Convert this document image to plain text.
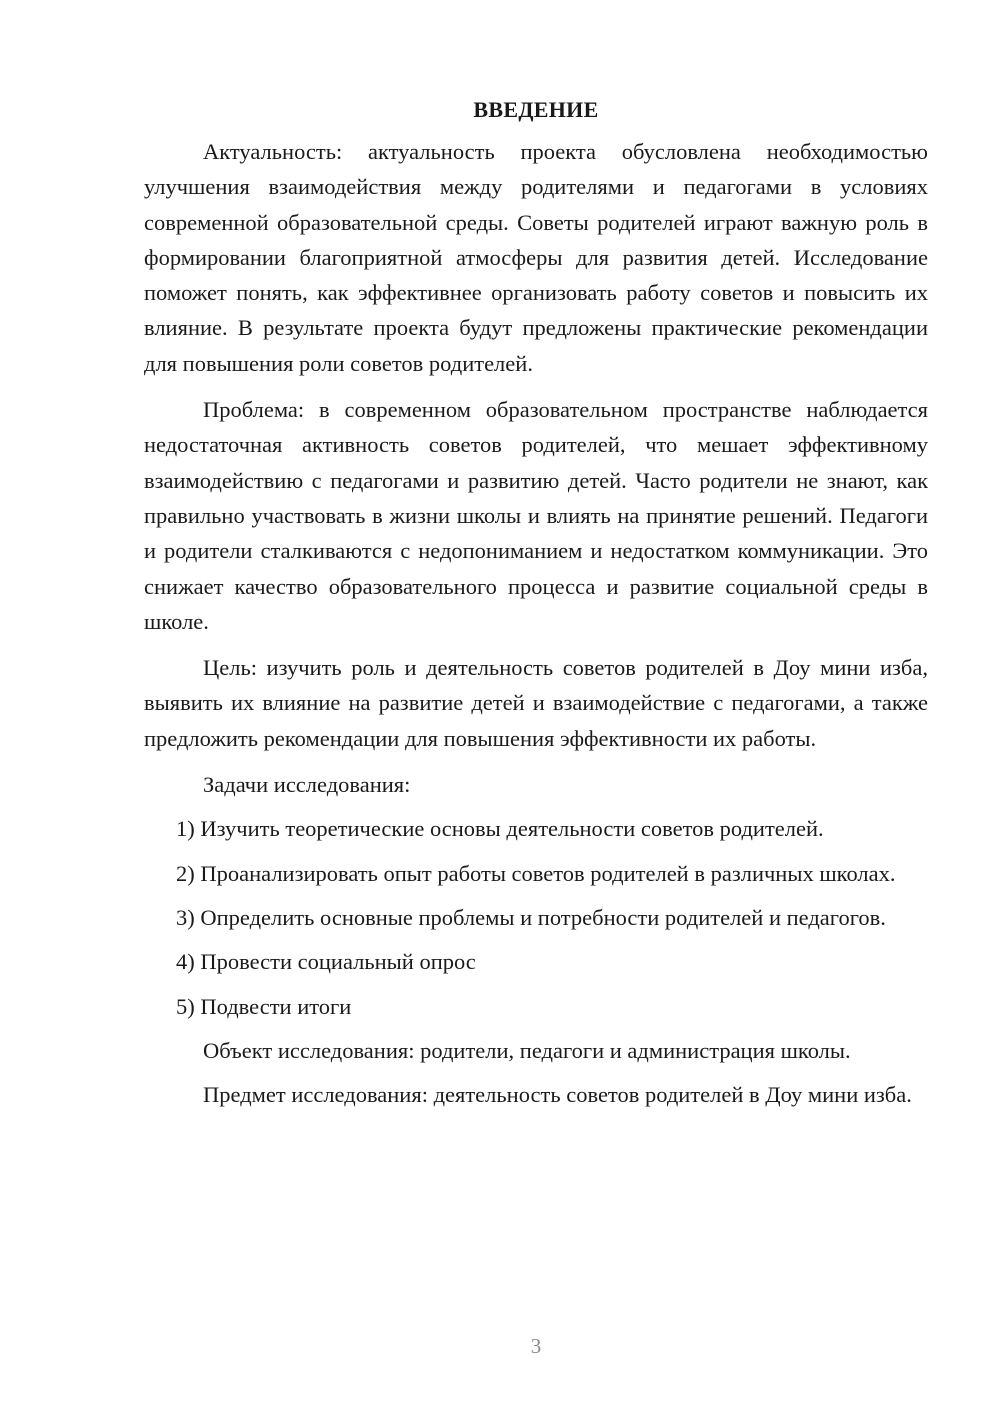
ВВЕДЕНИЕ

Актуальность: актуальность проекта обусловлена необходимостью улучшения взаимодействия между родителями и педагогами в условиях современной образовательной среды. Советы родителей играют важную роль в формировании благоприятной атмосферы для развития детей. Исследование поможет понять, как эффективнее организовать работу советов и повысить их влияние. В результате проекта будут предложены практические рекомендации для повышения роли советов родителей.

Проблема: в современном образовательном пространстве наблюдается недостаточная активность советов родителей, что мешает эффективному взаимодействию с педагогами и развитию детей. Часто родители не знают, как правильно участвовать в жизни школы и влиять на принятие решений. Педагоги и родители сталкиваются с недопониманием и недостатком коммуникации. Это снижает качество образовательного процесса и развитие социальной среды в школе.

Цель: изучить роль и деятельность советов родителей в Доу мини изба, выявить их влияние на развитие детей и взаимодействие с педагогами, а также предложить рекомендации для повышения эффективности их работы.

Задачи исследования:

1) Изучить теоретические основы деятельности советов родителей.

2) Проанализировать опыт работы советов родителей в различных школах.

3) Определить основные проблемы и потребности родителей и педагогов.

4) Провести социальный опрос

5) Подвести итоги

Объект исследования: родители, педагоги и администрация школы.

Предмет исследования: деятельность советов родителей в Доу мини изба.

3
